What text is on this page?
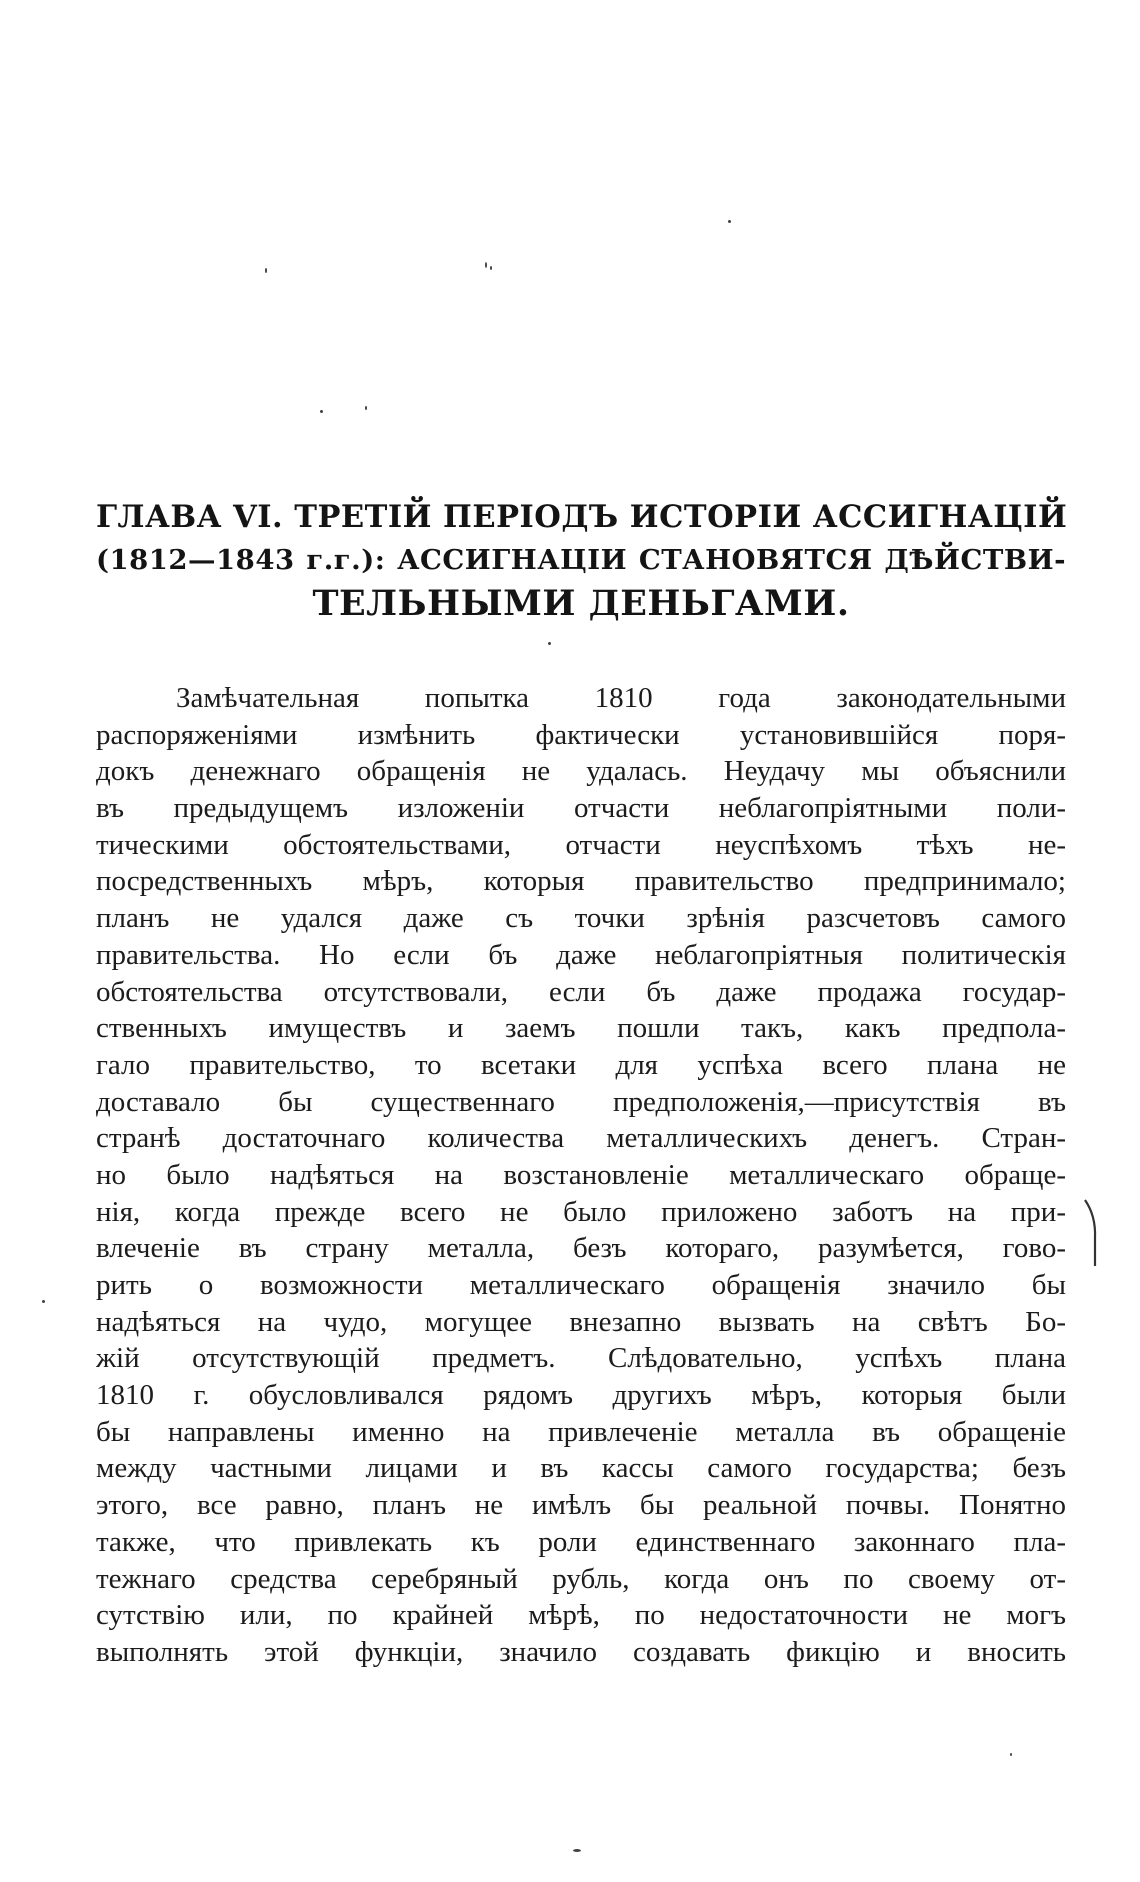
ГЛАВА VI. ТРЕТІЙ ПЕРІОДЪ ИСТОРІИ АССИГНАЦІЙ
(1812—1843 г.г.): АССИГНАЦІИ СТАНОВЯТСЯ ДѢЙСТВИ-
ТЕЛЬНЫМИ ДЕНЬГАМИ.
Замѣчательная попытка 1810 года законодательными
распоряженіями измѣнить фактически установившійся поря-
докъ денежнаго обращенія не удалась. Неудачу мы объяснили
въ предыдущемъ изложеніи отчасти неблагопріятными поли-
тическими обстоятельствами, отчасти неуспѣхомъ тѣхъ не-
посредственныхъ мѣръ, которыя правительство предпринимало;
планъ не удался даже съ точки зрѣнія разсчетовъ самого
правительства. Но если бъ даже неблагопріятныя политическія
обстоятельства отсутствовали, если бъ даже продажа государ-
ственныхъ имуществъ и заемъ пошли такъ, какъ предпола-
гало правительство, то всетаки для успѣха всего плана не
доставало бы существеннаго предположенія,—присутствія въ
странѣ достаточнаго количества металлическихъ денегъ. Стран-
но было надѣяться на возстановленіе металлическаго обраще-
нія, когда прежде всего не было приложено заботъ на при-
влеченіе въ страну металла, безъ котораго, разумѣется, гово-
рить о возможности металлическаго обращенія значило бы
надѣяться на чудо, могущее внезапно вызвать на свѣтъ Бо-
жій отсутствующій предметъ. Слѣдовательно, успѣхъ плана
1810 г. обусловливался рядомъ другихъ мѣръ, которыя были
бы направлены именно на привлеченіе металла въ обращеніе
между частными лицами и въ кассы самого государства; безъ
этого, все равно, планъ не имѣлъ бы реальной почвы. Понятно
также, что привлекать къ роли единственнаго законнаго пла-
тежнаго средства серебряный рубль, когда онъ по своему от-
сутствію или, по крайней мѣрѣ, по недостаточности не могъ
выполнять этой функціи, значило создавать фикцію и вносить
